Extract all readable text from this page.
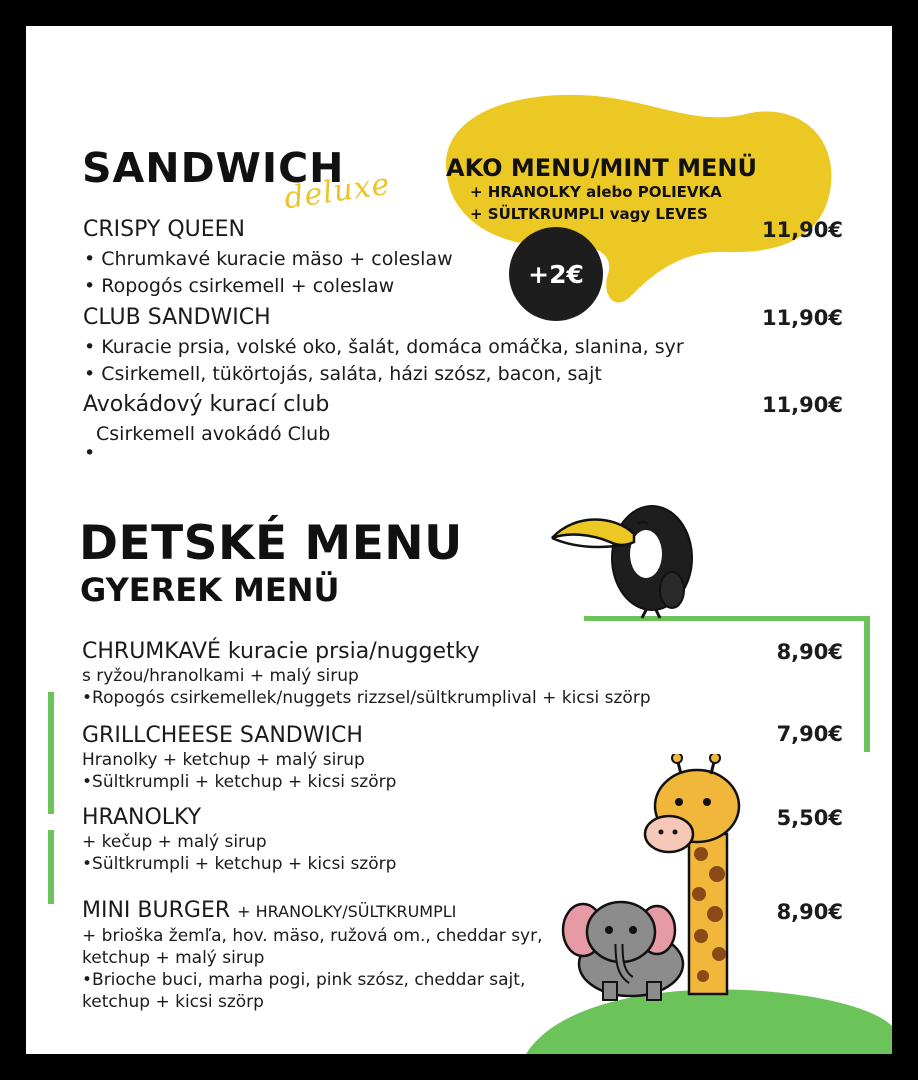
SANDWICH
deluxe AKO MENU/MINT MENÜ
+ HRANOLKY alebo POLIEVKA
+ SÜLTKRUMPLI vagy LEVES
+2€
CRISPY QUEEN	11,90€
• Chrumkavé kuracie mäso + coleslaw
• Ropogós csirkemell + coleslaw
CLUB SANDWICH	11,90€
• Kuracie prsia, volské oko, šalát, domáca omáčka, slanina, syr
• Csirkemell, tükörtojás, saláta, házi szósz, bacon, sajt
Avokádový kurací club	11,90€
Csirkemell avokádó Club
•
DETSKÉ MENU
GYEREK MENÜ
CHRUMKAVÉ kuracie prsia/nuggetky	8,90€
s ryžou/hranolkami + malý sirup
•Ropogós csirkemellek/nuggets rizzsel/sültkrumplival + kicsi szörp
GRILLCHEESE SANDWICH	7,90€
Hranolky + ketchup + malý sirup
•Sültkrumpli + ketchup + kicsi szörp
HRANOLKY	5,50€
+ kečup + malý sirup
•Sültkrumpli + ketchup + kicsi szörp
MINI BURGER + HRANOLKY/SÜLTKRUMPLI	8,90€
+ brioška žemľa, hov. mäso, ružová om., cheddar syr,
ketchup + malý sirup
•Brioche buci, marha pogi, pink szósz, cheddar sajt,
ketchup + kicsi szörp
